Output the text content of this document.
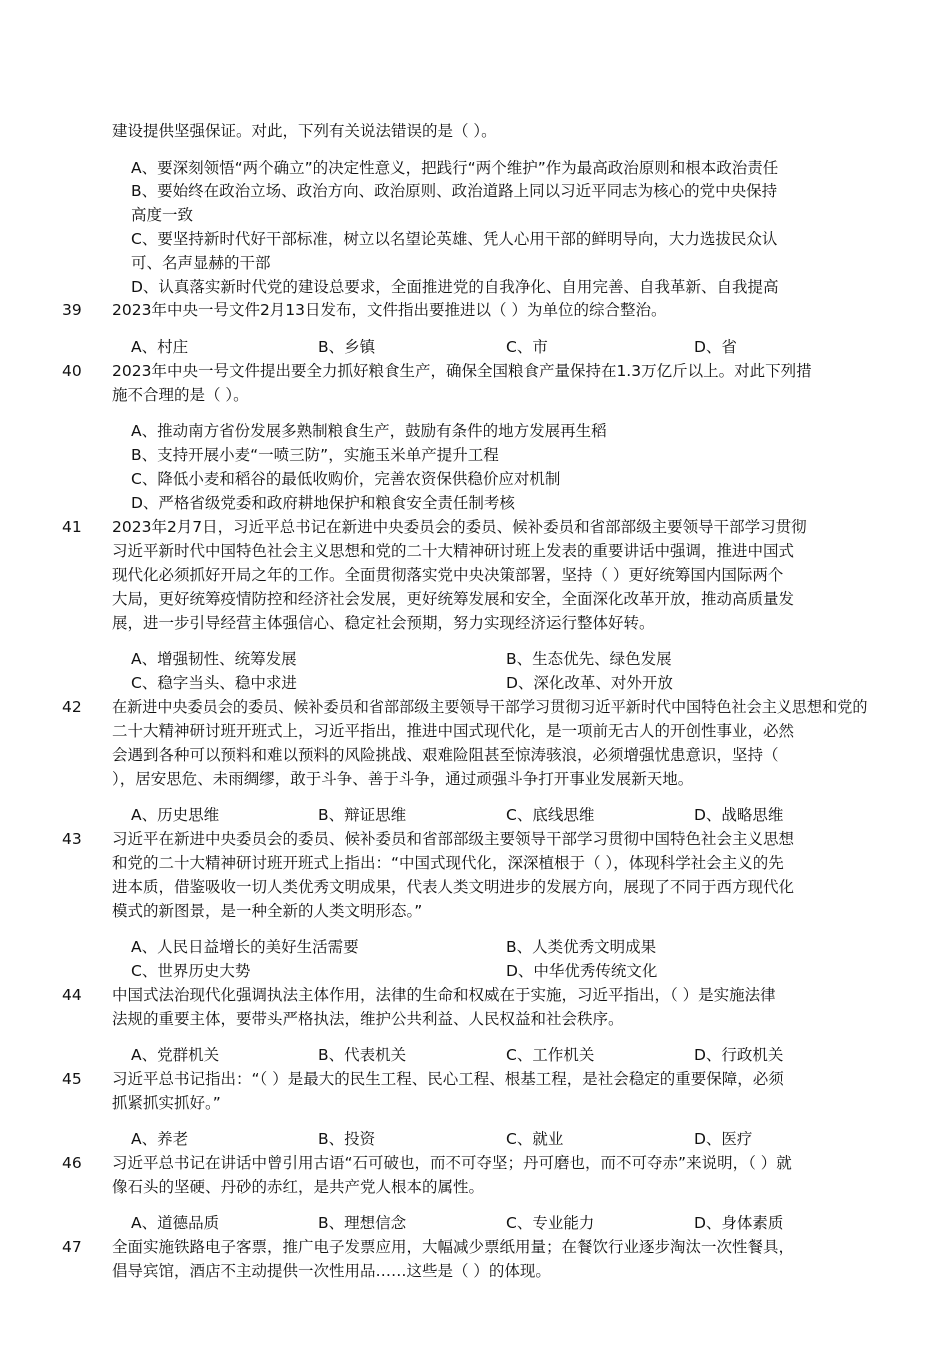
建设提供坚强保证。对此，下列有关说法错误的是（ ）。
A、要深刻领悟“两个确立”的决定性意义，把践行“两个维护”作为最高政治原则和根本政治责任
B、要始终在政治立场、政治方向、政治原则、政治道路上同以习近平同志为核心的党中央保持
高度一致
C、要坚持新时代好干部标准，树立以名望论英雄、凭人心用干部的鲜明导向，大力选拔民众认
可、名声显赫的干部
D、认真落实新时代党的建设总要求，全面推进党的自我净化、自用完善、自我革新、自我提高
39 2023年中央一号文件2月13日发布，文件指出要推进以（ ）为单位的综合整治。
A、村庄	B、乡镇	C、市	D、省
40 2023年中央一号文件提出要全力抓好粮食生产，确保全国粮食产量保持在1.3万亿斤以上。对此下列措
施不合理的是（ ）。
A、推动南方省份发展多熟制粮食生产，鼓励有条件的地方发展再生稻
B、支持开展小麦“一喷三防”，实施玉米单产提升工程
C、降低小麦和稻谷的最低收购价，完善农资保供稳价应对机制
D、严格省级党委和政府耕地保护和粮食安全责任制考核
41 2023年2月7日，习近平总书记在新进中央委员会的委员、候补委员和省部部级主要领导干部学习贯彻
习近平新时代中国特色社会主义思想和党的二十大精神研讨班上发表的重要讲话中强调，推进中国式
现代化必须抓好开局之年的工作。全面贯彻落实党中央决策部署，坚持（ ）更好统筹国内国际两个
大局，更好统筹疫情防控和经济社会发展，更好统筹发展和安全，全面深化改革开放，推动高质量发
展，进一步引导经营主体强信心、稳定社会预期，努力实现经济运行整体好转。
A、增强韧性、统筹发展	B、生态优先、绿色发展
C、稳字当头、稳中求进	D、深化改革、对外开放
42 在新进中央委员会的委员、候补委员和省部部级主要领导干部学习贯彻习近平新时代中国特色社会主义思想和党的
二十大精神研讨班开班式上，习近平指出，推进中国式现代化，是一项前无古人的开创性事业，必然
会遇到各种可以预料和难以预料的风险挑战、艰难险阻甚至惊涛骇浪，必须增强忧患意识，坚持（
），居安思危、未雨绸缪，敢于斗争、善于斗争，通过顽强斗争打开事业发展新天地。
A、历史思维	B、辩证思维	C、底线思维	D、战略思维
43 习近平在新进中央委员会的委员、候补委员和省部部级主要领导干部学习贯彻中国特色社会主义思想
和党的二十大精神研讨班开班式上指出：“中国式现代化，深深植根于（ ），体现科学社会主义的先
进本质，借鉴吸收一切人类优秀文明成果，代表人类文明进步的发展方向，展现了不同于西方现代化
模式的新图景，是一种全新的人类文明形态。”
A、人民日益增长的美好生活需要	B、人类优秀文明成果
C、世界历史大势	D、中华优秀传统文化
44 中国式法治现代化强调执法主体作用，法律的生命和权威在于实施，习近平指出，（ ）是实施法律
法规的重要主体，要带头严格执法，维护公共利益、人民权益和社会秩序。
A、党群机关	B、代表机关	C、工作机关	D、行政机关
45 习近平总书记指出：“（ ）是最大的民生工程、民心工程、根基工程，是社会稳定的重要保障，必须
抓紧抓实抓好。”
A、养老	B、投资	C、就业	D、医疗
46 习近平总书记在讲话中曾引用古语“石可破也，而不可夺坚；丹可磨也，而不可夺赤”来说明，（ ）就
像石头的坚硬、丹砂的赤红，是共产党人根本的属性。
A、道德品质	B、理想信念	C、专业能力	D、身体素质
47 全面实施铁路电子客票，推广电子发票应用，大幅减少票纸用量；在餐饮行业逐步淘汰一次性餐具，
倡导宾馆，酒店不主动提供一次性用品……这些是（ ）的体现。
